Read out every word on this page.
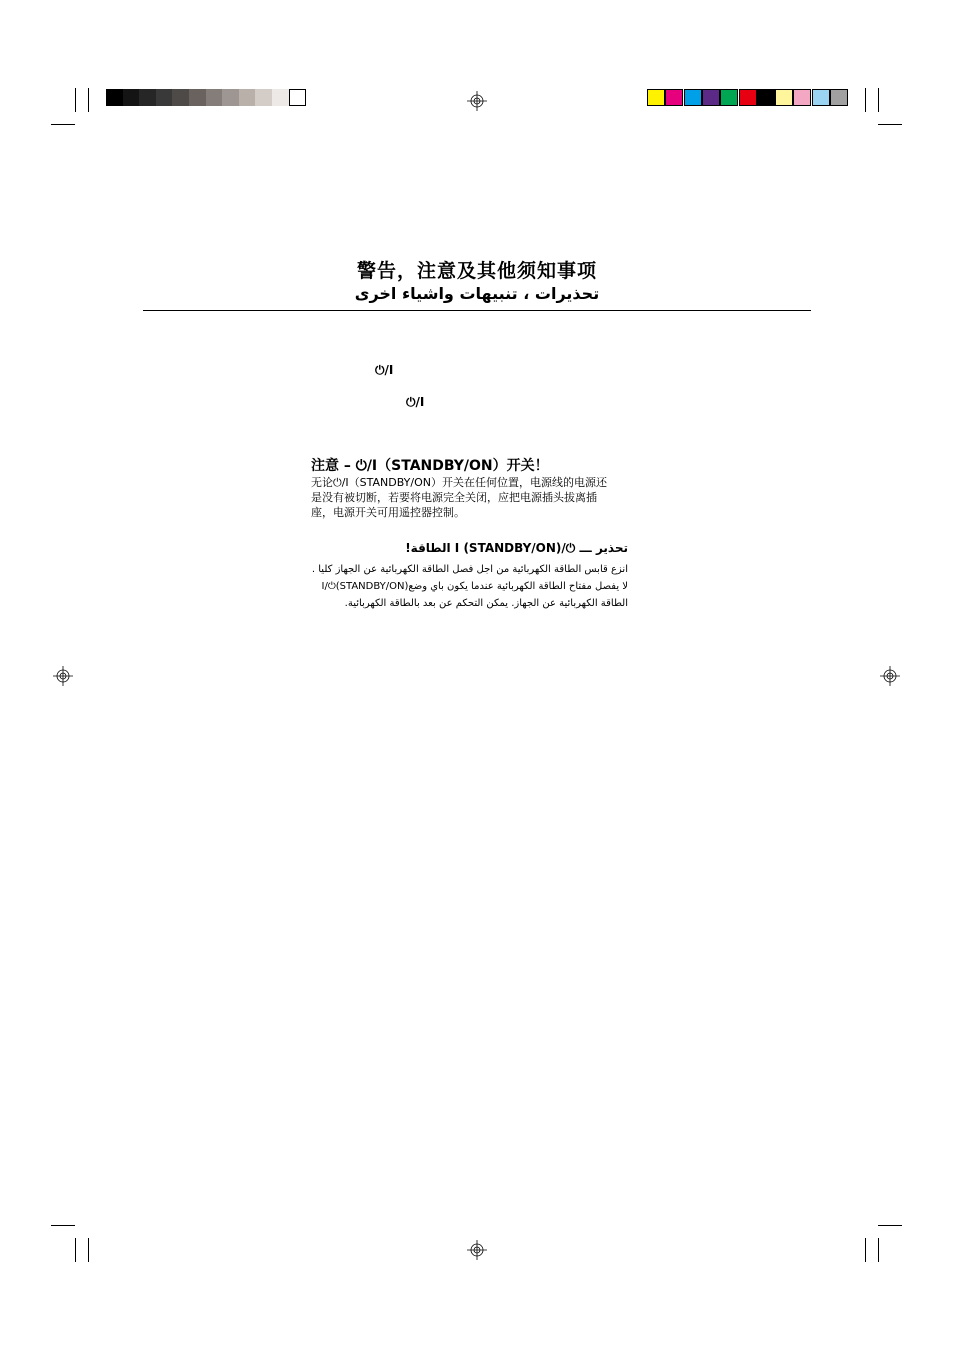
警告，注意及其他须知事项
تحذيرات ، تنبيهات واشياء اخرى
⏻/I
⏻/I
注意 – ⏻/I（STANDBY/ON）开关！
无论⏻/I（STANDBY/ON）开关在任何位置，电源线的电源还
是没有被切断，若要将电源完全关闭，应把电源插头拔离插
座，电源开关可用遥控器控制。
تحذير ـــ ⏻/I (STANDBY/ON) الطاقة!
انزع قابس الطاقة الكهربائية من اجل فصل الطاقة الكهربائية عن الجهاز كليا .
لا يفصل مفتاح الطاقة الكهربائية عندما يكون باي وضع(STANDBY/ON)⏻/I
الطاقة الكهربائية عن الجهاز. يمكن التحكم عن بعد بالطاقة الكهربائية.
